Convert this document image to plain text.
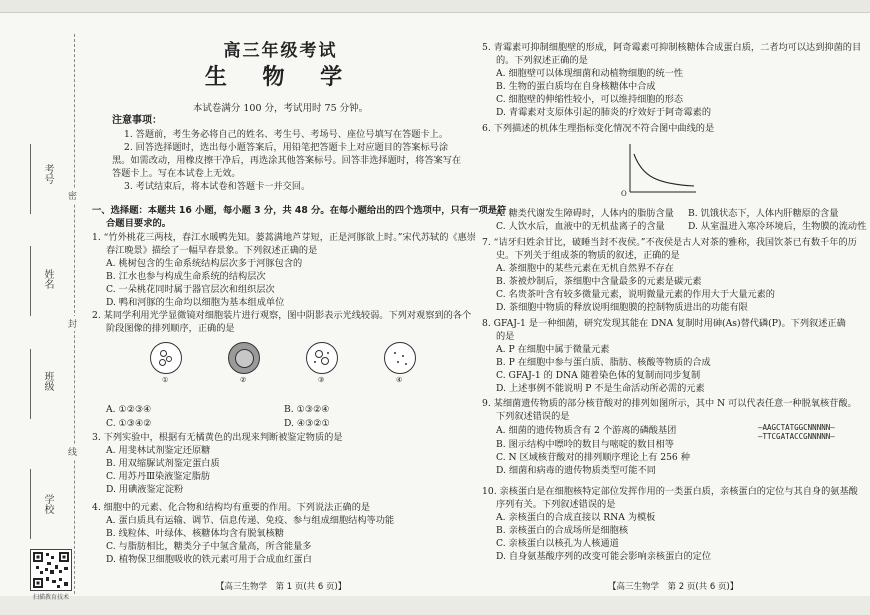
考号
姓名
班级
学校
密
封
线
扫描教育技术
高三年级考试
生 物 学
本试卷满分 100 分，考试用时 75 分钟。
注意事项：
1. 答题前，考生务必将自己的姓名、考生号、考场号、座位号填写在答题卡上。
2. 回答选择题时，选出每小题答案后，用铅笔把答题卡上对应题目的答案标号涂
黑。如需改动，用橡皮擦干净后，再选涂其他答案标号。回答非选择题时，将答案写在
答题卡上。写在本试卷上无效。
3. 考试结束后，将本试卷和答题卡一并交回。
一、选择题：本题共 16 小题，每小题 3 分，共 48 分。在每小题给出的四个选项中，只有一项是符
合题目要求的。
1. “竹外桃花三两枝，春江水暖鸭先知。蒌蒿满地芦芽短，正是河豚欲上时。”宋代苏轼的《惠崇
春江晚景》描绘了一幅早春景象。下列叙述正确的是
A. 桃树包含的生命系统结构层次多于河豚包含的
B. 江水也参与构成生命系统的结构层次
C. 一朵桃花同时属于器官层次和组织层次
D. 鸭和河豚的生命均以细胞为基本组成单位
2. 某同学利用光学显微镜对细胞装片进行观察，图中阴影表示光线较弱。下列对观察到的各个
阶段图像的排列顺序，正确的是
①	②	③	④
A. ①②③④	B. ①③②④
C. ①③④②	D. ④③②①
3. 下列实验中，根据有无橘黄色的出现来判断被鉴定物质的是
A. 用斐林试剂鉴定还原糖
B. 用双缩脲试剂鉴定蛋白质
C. 用苏丹Ⅲ染液鉴定脂肪
D. 用碘液鉴定淀粉
4. 细胞中的元素、化合物和结构均有重要的作用。下列说法正确的是
A. 蛋白质具有运输、调节、信息传递、免疫、参与组成细胞结构等功能
B. 线粒体、叶绿体、核糖体均含有脱氧核糖
C. 与脂肪相比，糖类分子中氢含量高，所含能量多
D. 植物保卫细胞吸收的铁元素可用于合成血红蛋白
【高三生物学　第 1 页(共 6 页)】
5. 青霉素可抑制细胞壁的形成，阿奇霉素可抑制核糖体合成蛋白质，二者均可以达到抑菌的目
的。下列叙述正确的是
A. 细胞壁可以体现细菌和动植物细胞的统一性
B. 生物的蛋白质均在自身核糖体中合成
C. 细胞壁的伸缩性较小，可以维持细胞的形态
D. 青霉素对支原体引起的肺炎的疗效好于阿奇霉素的
6. 下列描述的机体生理指标变化情况不符合图中曲线的是
O
A. 糖类代谢发生障碍时，人体内的脂肪含量 B. 饥饿状态下，人体内肝糖原的含量
C. 人饮水后，血液中的无机盐离子的含量	D. 从室温进入寒冷环境后，生物膜的流动性
7. “诘牙归姓余甘比，破睡当封不夜侯。”不夜侯是古人对茶的雅称，我国饮茶已有数千年的历
史。下列关于组成茶的物质的叙述，正确的是
A. 茶细胞中的某些元素在无机自然界不存在
B. 茶被炒制后，茶细胞中含量最多的元素是碳元素
C. 名贵茶叶含有较多微量元素，说明微量元素的作用大于大量元素的
D. 茶细胞中物质的释放说明细胞膜的控制物质进出的功能有限
8. GFAJ-1 是一种细菌，研究发现其能在 DNA 复制时用砷(As)替代磷(P)。下列叙述正确
的是
A. P 在细胞中属于微量元素
B. P 在细胞中参与蛋白质、脂肪、核酸等物质的合成
C. GFAJ-1 的 DNA 随着染色体的复制而同步复制
D. 上述事例不能说明 P 不是生命活动所必需的元素
9. 某细菌遗传物质的部分核苷酸对的排列如图所示，其中 N 可以代表任意一种脱氧核苷酸。
下列叙述错误的是
—AAGCTATGGCNNNNN—
—TTCGATACCGNNNNN—
A. 细菌的遗传物质含有 2 个游离的磷酸基团
B. 图示结构中嘌呤的数目与嘧啶的数目相等
C. N 区域核苷酸对的排列顺序理论上有 256 种
D. 细菌和病毒的遗传物质类型可能不同
10. 亲核蛋白是在细胞核特定部位发挥作用的一类蛋白质，亲核蛋白的定位与其自身的氨基酸
序列有关。下列叙述错误的是
A. 亲核蛋白的合成直接以 RNA 为模板
B. 亲核蛋白的合成场所是细胞核
C. 亲核蛋白以核孔为人核通道
D. 自身氨基酸序列的改变可能会影响亲核蛋白的定位
【高三生物学　第 2 页(共 6 页)】
